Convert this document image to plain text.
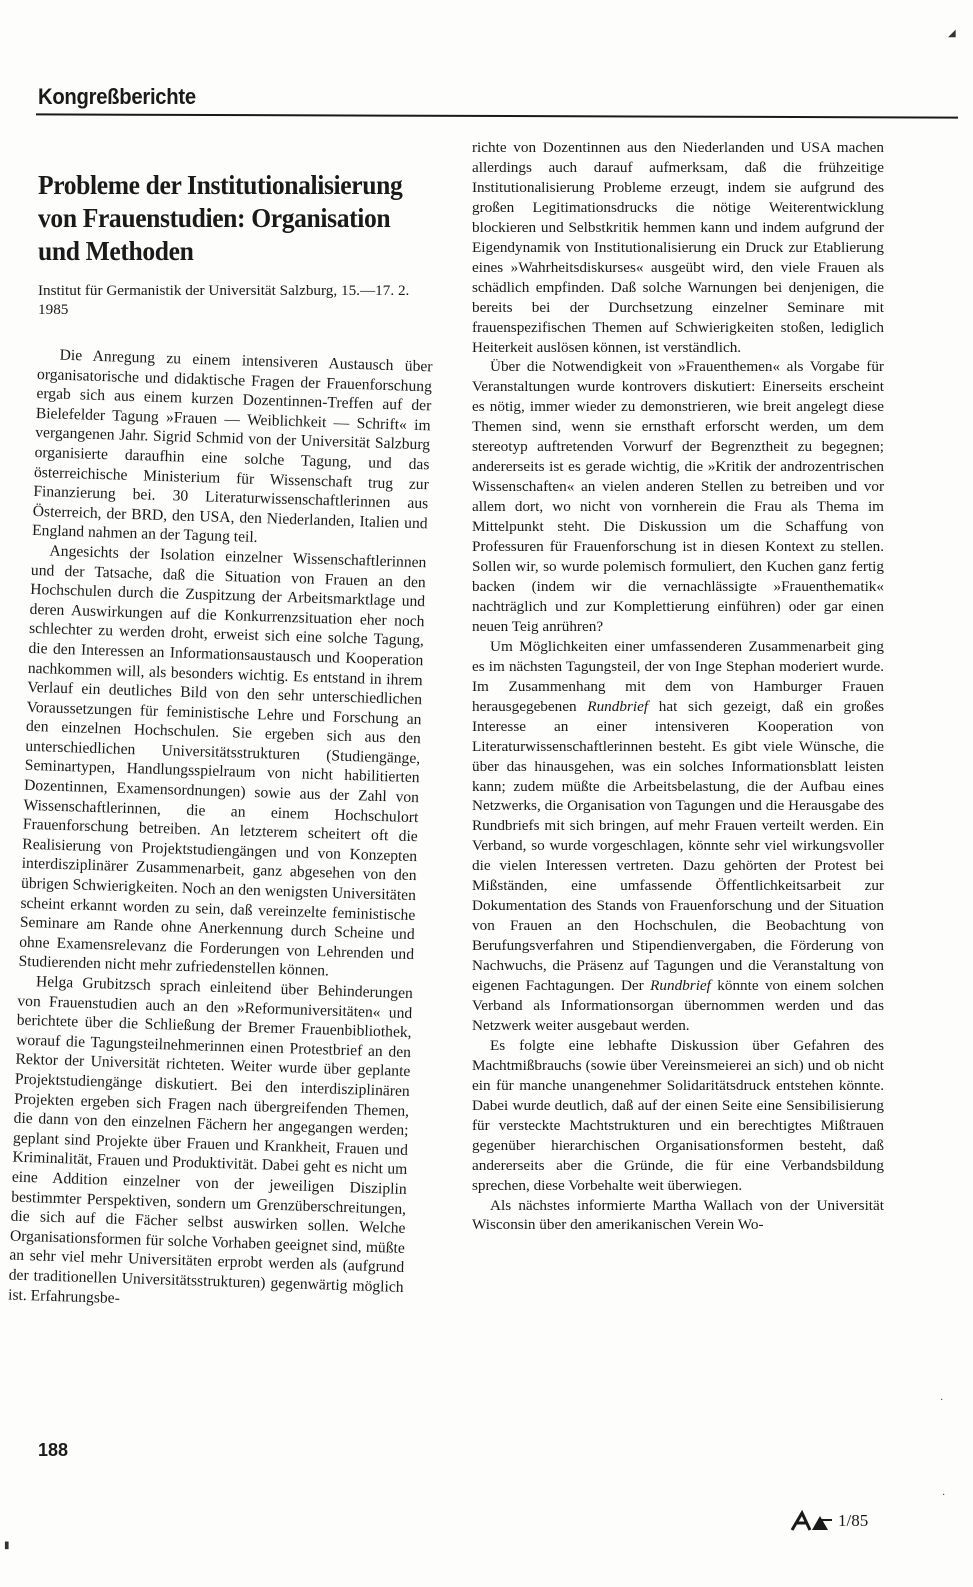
Kongreßberichte
Probleme der Institutionalisierung von Frauenstudien: Organisation und Methoden
Institut für Germanistik der Universität Salzburg, 15.—17. 2. 1985

Die Anregung zu einem intensiveren Austausch über organisatorische und didaktische Fragen der Frauenforschung ergab sich aus einem kurzen Dozentinnen-Treffen auf der Bielefelder Tagung »Frauen — Weiblichkeit — Schrift« im vergangenen Jahr. Sigrid Schmid von der Universität Salzburg organisierte daraufhin eine solche Tagung, und das österreichische Ministerium für Wissenschaft trug zur Finanzierung bei. 30 Literaturwissenschaftlerinnen aus Österreich, der BRD, den USA, den Niederlanden, Italien und England nahmen an der Tagung teil.

Angesichts der Isolation einzelner Wissenschaftlerinnen und der Tatsache, daß die Situation von Frauen an den Hochschulen durch die Zuspitzung der Arbeitsmarktlage und deren Auswirkungen auf die Konkurrenzsituation eher noch schlechter zu werden droht, erweist sich eine solche Tagung, die den Interessen an Informationsaustausch und Kooperation nachkommen will, als besonders wichtig. Es entstand in ihrem Verlauf ein deutliches Bild von den sehr unterschiedlichen Voraussetzungen für feministische Lehre und Forschung an den einzelnen Hochschulen. Sie ergeben sich aus den unterschiedlichen Universitätsstrukturen (Studiengänge, Seminartypen, Handlungsspielraum von nicht habilitierten Dozentinnen, Examensordnungen) sowie aus der Zahl von Wissenschaftlerinnen, die an einem Hochschulort Frauenforschung betreiben. An letzterem scheitert oft die Realisierung von Projektstudiengängen und von Konzepten interdisziplinärer Zusammenarbeit, ganz abgesehen von den übrigen Schwierigkeiten. Noch an den wenigsten Universitäten scheint erkannt worden zu sein, daß vereinzelte feministische Seminare am Rande ohne Anerkennung durch Scheine und ohne Examensrelevanz die Forderungen von Lehrenden und Studierenden nicht mehr zufriedenstellen können.

Helga Grubitzsch sprach einleitend über Behinderungen von Frauenstudien auch an den »Reformuniversitäten« und berichtete über die Schließung der Bremer Frauenbibliothek, worauf die Tagungsteilnehmerinnen einen Protestbrief an den Rektor der Universität richteten. Weiter wurde über geplante Projektstudiengänge diskutiert. Bei den interdisziplinären Projekten ergeben sich Fragen nach übergreifenden Themen, die dann von den einzelnen Fächern her angegangen werden; geplant sind Projekte über Frauen und Krankheit, Frauen und Kriminalität, Frauen und Produktivität. Dabei geht es nicht um eine Addition einzelner von der jeweiligen Disziplin bestimmter Perspektiven, sondern um Grenzüberschreitungen, die sich auf die Fächer selbst auswirken sollen. Welche Organisationsformen für solche Vorhaben geeignet sind, müßte an sehr viel mehr Universitäten erprobt werden als (aufgrund der traditionellen Universitätsstrukturen) gegenwärtig möglich ist. Erfahrungsbe-

richte von Dozentinnen aus den Niederlanden und USA machen allerdings auch darauf aufmerksam, daß die frühzeitige Institutionalisierung Probleme erzeugt, indem sie aufgrund des großen Legitimationsdrucks die nötige Weiterentwicklung blockieren und Selbstkritik hemmen kann und indem aufgrund der Eigendynamik von Institutionalisierung ein Druck zur Etablierung eines »Wahrheitsdiskurses« ausgeübt wird, den viele Frauen als schädlich empfinden. Daß solche Warnungen bei denjenigen, die bereits bei der Durchsetzung einzelner Seminare mit frauenspezifischen Themen auf Schwierigkeiten stoßen, lediglich Heiterkeit auslösen können, ist verständlich.

Über die Notwendigkeit von »Frauenthemen« als Vorgabe für Veranstaltungen wurde kontrovers diskutiert: Einerseits erscheint es nötig, immer wieder zu demonstrieren, wie breit angelegt diese Themen sind, wenn sie ernsthaft erforscht werden, um dem stereotyp auftretenden Vorwurf der Begrenztheit zu begegnen; andererseits ist es gerade wichtig, die »Kritik der androzentrischen Wissenschaften« an vielen anderen Stellen zu betreiben und vor allem dort, wo nicht von vornherein die Frau als Thema im Mittelpunkt steht. Die Diskussion um die Schaffung von Professuren für Frauenforschung ist in diesen Kontext zu stellen. Sollen wir, so wurde polemisch formuliert, den Kuchen ganz fertig backen (indem wir die vernachlässigte »Frauenthematik« nachträglich und zur Komplettierung einführen) oder gar einen neuen Teig anrühren?

Um Möglichkeiten einer umfassenderen Zusammenarbeit ging es im nächsten Tagungsteil, der von Inge Stephan moderiert wurde. Im Zusammenhang mit dem von Hamburger Frauen herausgegebenen Rundbrief hat sich gezeigt, daß ein großes Interesse an einer intensiveren Kooperation von Literaturwissenschaftlerinnen besteht. Es gibt viele Wünsche, die über das hinausgehen, was ein solches Informationsblatt leisten kann; zudem müßte die Arbeitsbelastung, die der Aufbau eines Netzwerks, die Organisation von Tagungen und die Herausgabe des Rundbriefs mit sich bringen, auf mehr Frauen verteilt werden. Ein Verband, so wurde vorgeschlagen, könnte sehr viel wirkungsvoller die vielen Interessen vertreten. Dazu gehörten der Protest bei Mißständen, eine umfassende Öffentlichkeitsarbeit zur Dokumentation des Stands von Frauenforschung und der Situation von Frauen an den Hochschulen, die Beobachtung von Berufungsverfahren und Stipendienvergaben, die Förderung von Nachwuchs, die Präsenz auf Tagungen und die Veranstaltung von eigenen Fachtagungen. Der Rundbrief könnte von einem solchen Verband als Informationsorgan übernommen werden und das Netzwerk weiter ausgebaut werden.

Es folgte eine lebhafte Diskussion über Gefahren des Machtmißbrauchs (sowie über Vereinsmeierei an sich) und ob nicht ein für manche unangenehmer Solidaritätsdruck entstehen könnte. Dabei wurde deutlich, daß auf der einen Seite eine Sensibilisierung für versteckte Machtstrukturen und ein berechtigtes Mißtrauen gegenüber hierarchischen Organisationsformen besteht, daß andererseits aber die Gründe, die für eine Verbandsbildung sprechen, diese Vorbehalte weit überwiegen.

Als nächstes informierte Martha Wallach von der Universität Wisconsin über den amerikanischen Verein Wo-

188
1/85
◢
·
·
▮
